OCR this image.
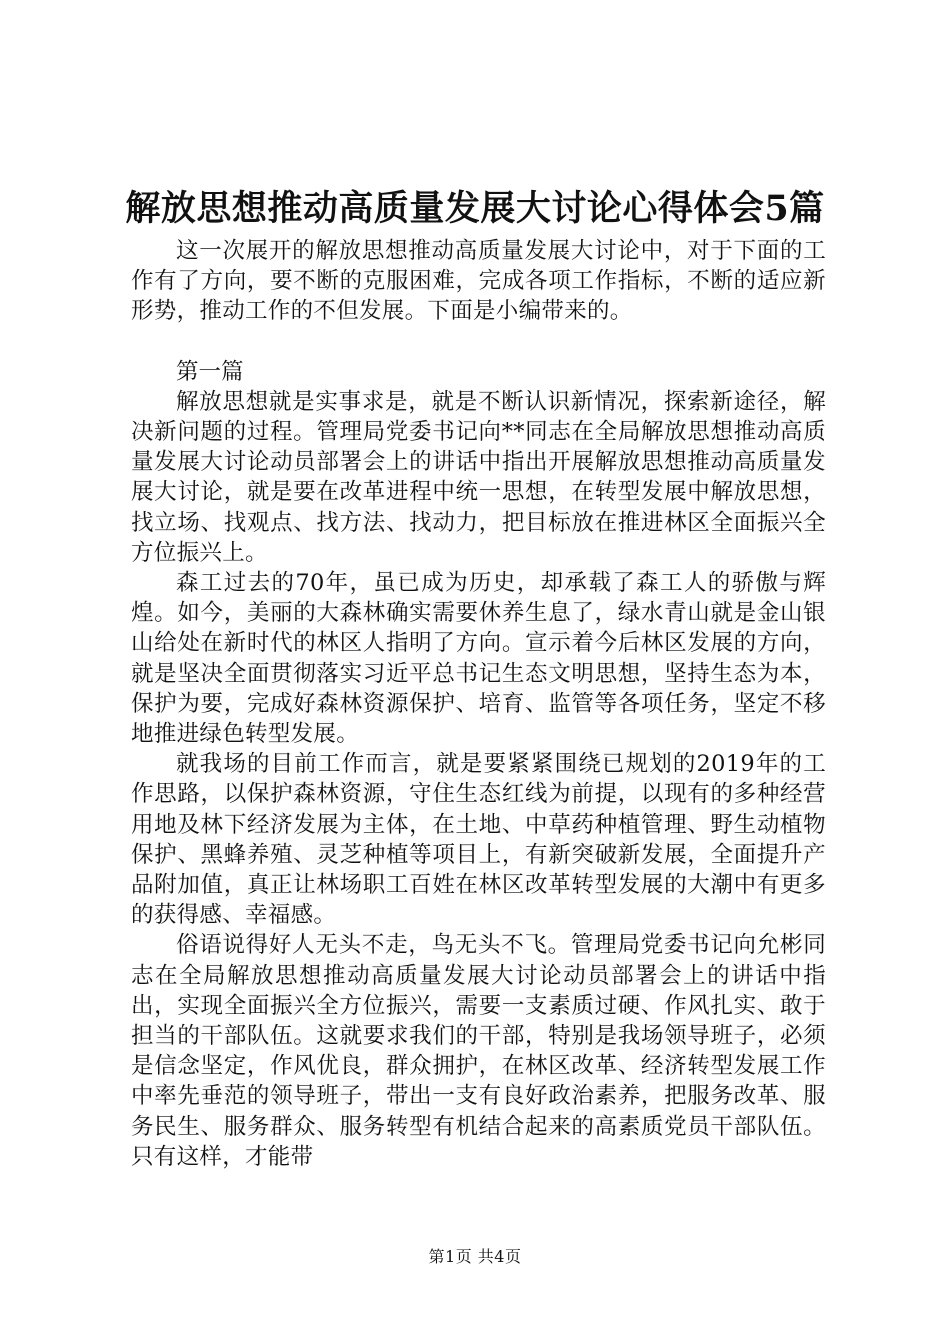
解放思想推动高质量发展大讨论心得体会5篇

这一次展开的解放思想推动高质量发展大讨论中，对于下面的工作有了方向，要不断的克服困难，完成各项工作指标，不断的适应新形势，推动工作的不但发展。下面是小编带来的。

第一篇

解放思想就是实事求是，就是不断认识新情况，探索新途径，解决新问题的过程。管理局党委书记向**同志在全局解放思想推动高质量发展大讨论动员部署会上的讲话中指出开展解放思想推动高质量发展大讨论，就是要在改革进程中统一思想，在转型发展中解放思想，找立场、找观点、找方法、找动力，把目标放在推进林区全面振兴全方位振兴上。

森工过去的70年，虽已成为历史，却承载了森工人的骄傲与辉煌。如今，美丽的大森林确实需要休养生息了，绿水青山就是金山银山给处在新时代的林区人指明了方向。宣示着今后林区发展的方向，就是坚决全面贯彻落实习近平总书记生态文明思想，坚持生态为本，保护为要，完成好森林资源保护、培育、监管等各项任务，坚定不移地推进绿色转型发展。

就我场的目前工作而言，就是要紧紧围绕已规划的2019年的工作思路，以保护森林资源，守住生态红线为前提，以现有的多种经营用地及林下经济发展为主体，在土地、中草药种植管理、野生动植物保护、黑蜂养殖、灵芝种植等项目上，有新突破新发展，全面提升产品附加值，真正让林场职工百姓在林区改革转型发展的大潮中有更多的获得感、幸福感。

俗语说得好人无头不走，鸟无头不飞。管理局党委书记向允彬同志在全局解放思想推动高质量发展大讨论动员部署会上的讲话中指出，实现全面振兴全方位振兴，需要一支素质过硬、作风扎实、敢于担当的干部队伍。这就要求我们的干部，特别是我场领导班子，必须是信念坚定，作风优良，群众拥护，在林区改革、经济转型发展工作中率先垂范的领导班子，带出一支有良好政治素养，把服务改革、服务民生、服务群众、服务转型有机结合起来的高素质党员干部队伍。只有这样，才能带

第1页 共4页
